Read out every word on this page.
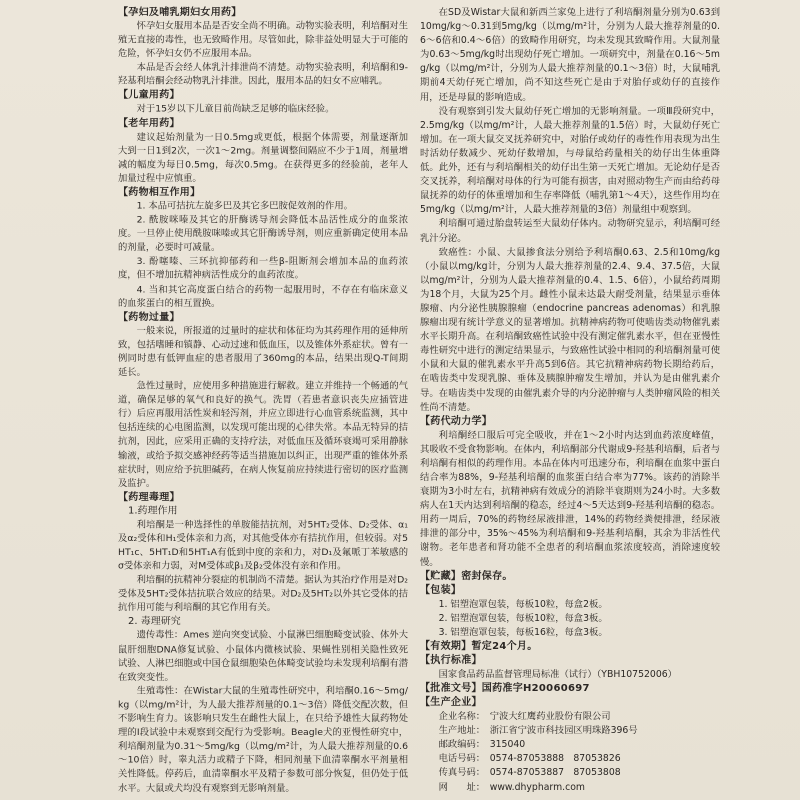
【孕妇及哺乳期妇女用药】
怀孕妇女服用本品是否安全尚不明确。动物实验表明，利培酮对生殖无直接的毒性，也无致畸作用。尽管如此，除非益处明显大于可能的危险，怀孕妇女仍不应服用本品。
本品是否会经人体乳汁排泄尚不清楚。动物实验表明，利培酮和9-羟基利培酮会经动物乳汁排泄。因此，服用本品的妇女不应哺乳。
【儿童用药】
对于15岁以下儿童目前尚缺乏足够的临床经验。
【老年用药】
建议起始剂量为一日0.5mg或更低，根据个体需要，剂量逐渐加大到一日1到2次，一次1～2mg。剂量调整间隔应不少于1周，剂量增减的幅度为每日0.5mg，每次0.5mg。在获得更多的经验前，老年人加量过程中应慎重。
【药物相互作用】
1. 本品可拮抗左旋多巴及其它多巴胺促效剂的作用。
2. 酰胺咪嗪及其它的肝酶诱导剂会降低本品活性成分的血浆浓度。一旦停止使用酰胺咪嗪或其它肝酶诱导剂，则应重新确定使用本品的剂量，必要时可减量。
3. 酚噻嗪、三环抗抑郁药和一些β-阻断剂会增加本品的血药浓度，但不增加抗精神病活性成分的血药浓度。
4. 当和其它高度蛋白结合的药物一起服用时，不存在有临床意义的血浆蛋白的相互置换。
【药物过量】
一般来说，所报道的过量时的症状和体征均为其药理作用的延伸所致，包括嗜睡和镇静、心动过速和低血压，以及锥体外系症状。曾有一例同时患有低钾血症的患者服用了360mg的本品，结果出现Q-T间期延长。
急性过量时，应使用多种措施进行解救。建立并维持一个畅通的气道，确保足够的氧气和良好的换气。洗胃（若患者意识丧失应插管进行）后应再服用活性炭和轻泻剂，并应立即进行心血管系统监测，其中包括连续的心电图监测，以发现可能出现的心律失常。本品无特异的拮抗剂，因此，应采用正确的支持疗法，对低血压及循环衰竭可采用静脉输液，或给予拟交感神经药等适当措施加以纠正，出现严重的锥体外系症状时，则应给予抗胆碱药，在病人恢复前应持续进行密切的医疗监测及监护。
【药理毒理】
1.药理作用
利培酮是一种选择性的单胺能拮抗剂，对5HT₂受体、D₂受体、α₁及α₂受体和H₁受体亲和力高，对其他受体亦有拮抗作用，但较弱。对5HT₁c、5HT₁D和5HT₁A有低到中度的亲和力，对D₁及氟哌丁苯敏感的σ受体亲和力弱，对M受体或β₁及β₂受体没有亲和作用。
利培酮的抗精神分裂症的机制尚不清楚。据认为其治疗作用是对D₂受体及5HT₂受体拮抗联合效应的结果。对D₂及5HT₂以外其它受体的拮抗作用可能与利培酮的其它作用有关。
2. 毒理研究
遗传毒性：Ames 逆向突变试验、小鼠淋巴细胞畸变试验、体外大鼠肝细胞DNA修复试验、小鼠体内微核试验、果蝇性别相关隐性致死试验、人淋巴细胞或中国仓鼠细胞染色体畸变试验均未发现利培酮有潜在致突变性。
生殖毒性：在Wistar大鼠的生殖毒性研究中，利培酮0.16～5mg/kg（以mg/m²计，为人最大推荐剂量的0.1～3倍）降低交配次数，但不影响生育力。该影响只发生在雌性大鼠上，在只给予雄性大鼠药物处理的Ⅰ段试验中未观察到交配行为受影响。Beagle犬的亚慢性研究中，利培酮剂量为0.31～5mg/kg（以mg/m²计，为人最大推荐剂量的0.6～10倍）时，睾丸活力或精子下降，相同剂量下血清睾酮水平剂量相关性降低。停药后，血清睾酮水平及精子参数可部分恢复，但仍处于低水平。大鼠或犬均没有观察到无影响剂量。
在SD及Wistar大鼠和新西兰家兔上进行了利培酮剂量分别为0.63到10mg/kg～0.31到5mg/kg（以mg/m²计，分别为人最大推荐剂量的0.6～6倍和0.4～6倍）的致畸作用研究，均未发现其致畸作用。大鼠剂量为0.63～5mg/kg时出现幼仔死亡增加。一项研究中，剂量在0.16～5mg/kg（以mg/m²计，分别为人最大推荐剂量的0.1～3倍）时，大鼠哺乳期前4天幼仔死亡增加，尚不知这些死亡是由于对胎仔或幼仔的直接作用，还是母鼠的影响造成。
没有观察到引发大鼠幼仔死亡增加的无影响剂量。一项Ⅲ段研究中，2.5mg/kg（以mg/m²计，人最大推荐剂量的1.5倍）时，大鼠幼仔死亡增加。在一项大鼠交叉抚养研究中，对胎仔或幼仔的毒性作用表现为出生时活幼仔数减少、死幼仔数增加，与母鼠给药量相关的幼仔出生体重降低。此外，还有与利培酮相关的幼仔出生第一天死亡增加。无论幼仔是否交叉抚养，利培酮对母体的行为可能有损害，由对照动物生产而由给药母鼠抚养的幼仔的体重增加和生存率降低（哺乳第1～4天），这些作用均在5mg/kg（以mg/m²计，人最大推荐剂量的3倍）剂量组中观察到。
利培酮可通过胎盘转运至大鼠幼仔体内。动物研究显示，利培酮可经乳汁分泌。
致癌性：小鼠、大鼠掺食法分别给予利培酮0.63、2.5和10mg/kg（小鼠以mg/kg计，分别为人最大推荐剂量的2.4、9.4、37.5倍，大鼠以mg/m²计，分别为人最大推荐剂量的0.4、1.5、6倍），小鼠给药周期为18个月，大鼠为25个月。雌性小鼠未达最大耐受剂量，结果显示垂体腺瘤、内分泌性胰腺腺瘤（endocrine pancreas adenomas）和乳腺腺瘤出现有统计学意义的显著增加。抗精神病药物可使啮齿类动物催乳素水平长期升高。在利培酮致癌性试验中没有测定催乳素水平，但在亚慢性毒性研究中进行的测定结果显示，与致癌性试验中相同的利培酮剂量可使小鼠和大鼠的催乳素水平升高5到6倍。其它抗精神病药物长期给药后，在啮齿类中发现乳腺、垂体及胰腺肿瘤发生增加，并认为是由催乳素介导。在啮齿类中发现的由催乳素介导的内分泌肿瘤与人类肿瘤风险的相关性尚不清楚。
【药代动力学】
利培酮经口服后可完全吸收，并在1～2小时内达到血药浓度峰值，其吸收不受食物影响。在体内，利培酮部分代谢成9-羟基利培酮，后者与利培酮有相似的药理作用。本品在体内可迅速分布，利培酮在血浆中蛋白结合率为88%，9-羟基利培酮的血浆蛋白结合率为77%。该药的消除半衰期为3小时左右，抗精神病有效成分的消除半衰期则为24小时。大多数病人在1天内达到利培酮的稳态，经过4～5天达到9-羟基利培酮的稳态。用药一周后，70%的药物经尿液排泄，14%的药物经粪便排泄，经尿液排泄的部分中，35%～45%为利培酮和9-羟基利培酮，其余为非活性代谢物。老年患者和肾功能不全患者的利培酮血浆浓度较高，消除速度较慢。
【贮藏】密封保存。
【包装】
1. 铝塑泡罩包装，每板10粒，每盒2板。
2. 铝塑泡罩包装，每板10粒，每盒3板。
3. 铝塑泡罩包装，每板16粒，每盒3板。
【有效期】暂定24个月。
【执行标准】
国家食品药品监督管理局标准（试行）（YBH10752006）
【批准文号】国药准字H20060697
【生产企业】
企业名称：　宁波大红鹰药业股份有限公司
生产地址：　浙江省宁波市科技园区明珠路396号
邮政编码：　315040
电话号码：　0574-87053888　87053826
传真号码：　0574-87053887　87053808
网　　址：　www.dhypharm.com
